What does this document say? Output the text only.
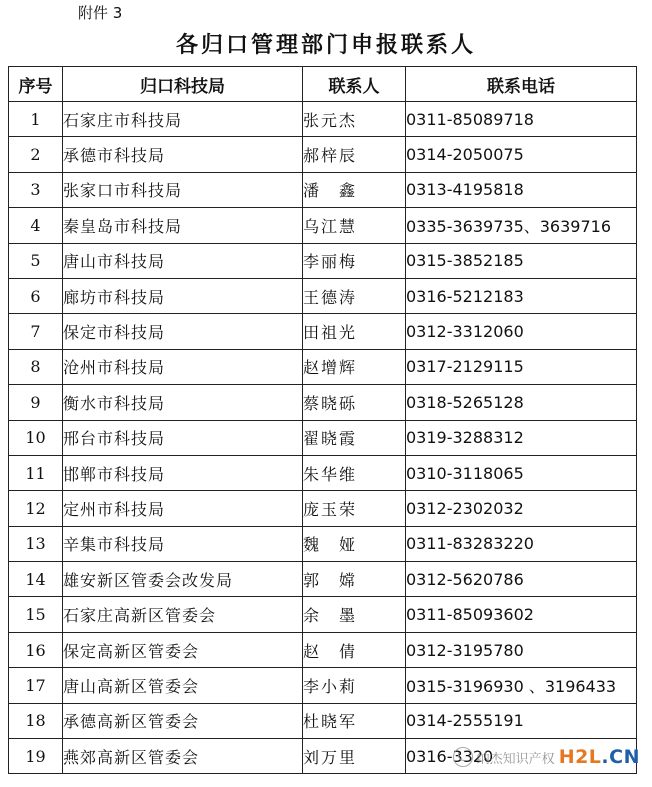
附件 3
各归口管理部门申报联系人
序号	归口科技局	联系人	联系电话
1	石家庄市科技局	张元杰	0311-85089718
2	承德市科技局	郝梓辰	0314-2050075
3	张家口市科技局	潘　鑫	0313-4195818
4	秦皇岛市科技局	乌江慧	0335-3639735、3639716
5	唐山市科技局	李丽梅	0315-3852185
6	廊坊市科技局	王德涛	0316-5212183
7	保定市科技局	田祖光	0312-3312060
8	沧州市科技局	赵增辉	0317-2129115
9	衡水市科技局	蔡晓砾	0318-5265128
10	邢台市科技局	翟晓霞	0319-3288312
11	邯郸市科技局	朱华维	0310-3118065
12	定州市科技局	庞玉荣	0312-2302032
13	辛集市科技局	魏　娅	0311-83283220
14	雄安新区管委会改发局	郭　嫦	0312-5620786
15	石家庄高新区管委会	余　墨	0311-85093602
16	保定高新区管委会	赵　倩	0312-3195780
17	唐山高新区管委会	李小莉	0315-3196930 、3196433
18	承德高新区管委会	杜晓军	0314-2555191
19	燕郊高新区管委会	刘万里	0316-3320
纳杰知识产权 H2L . CN
